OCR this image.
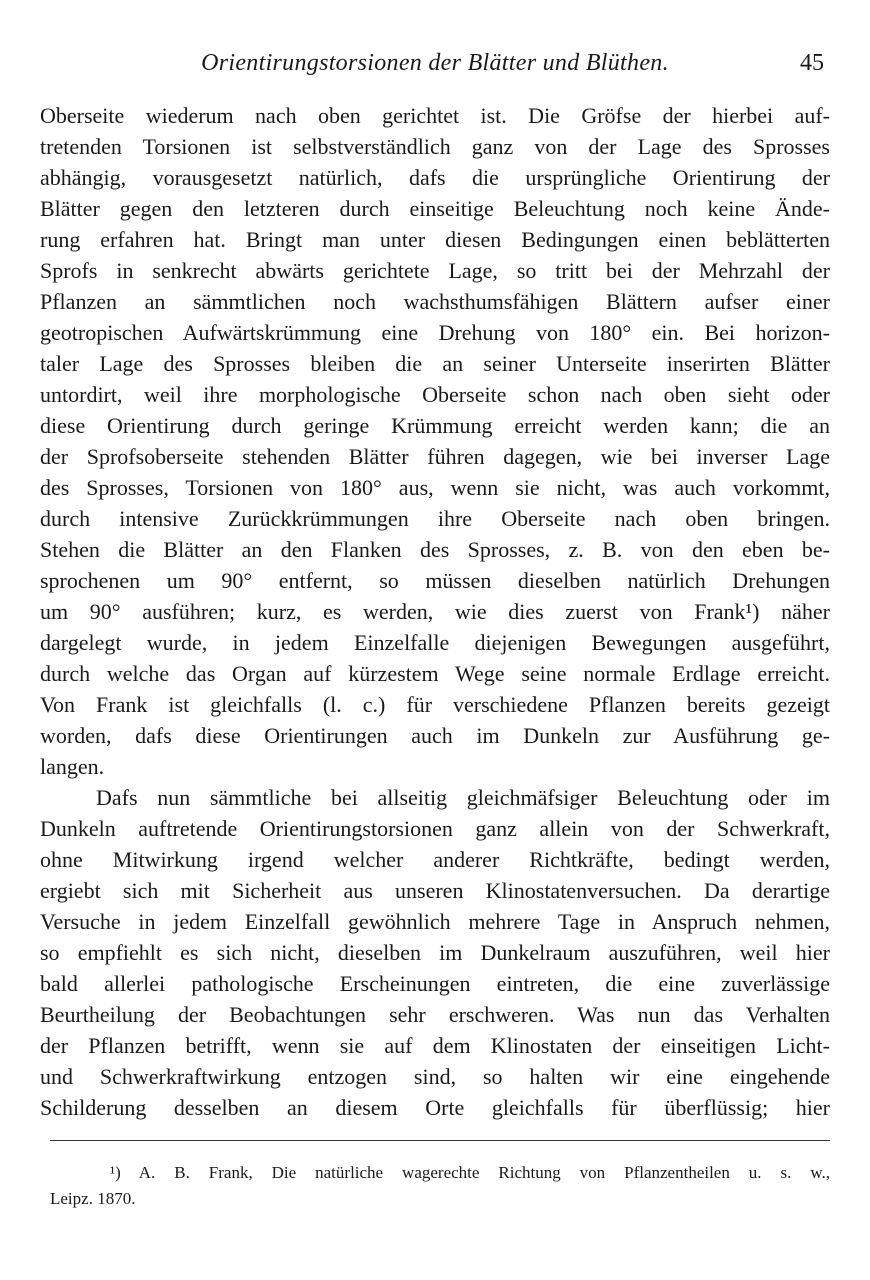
Orientirungstorsionen der Blätter und Blüthen.	45
Oberseite wiederum nach oben gerichtet ist. Die Gröfse der hierbei auf-
tretenden Torsionen ist selbstverständlich ganz von der Lage des Sprosses
abhängig, vorausgesetzt natürlich, dafs die ursprüngliche Orientirung der
Blätter gegen den letzteren durch einseitige Beleuchtung noch keine Ände-
rung erfahren hat. Bringt man unter diesen Bedingungen einen beblätterten
Sprofs in senkrecht abwärts gerichtete Lage, so tritt bei der Mehrzahl der
Pflanzen an sämmtlichen noch wachsthumsfähigen Blättern aufser einer
geotropischen Aufwärtskrümmung eine Drehung von 180° ein. Bei horizon-
taler Lage des Sprosses bleiben die an seiner Unterseite inserirten Blätter
untordirt, weil ihre morphologische Oberseite schon nach oben sieht oder
diese Orientirung durch geringe Krümmung erreicht werden kann; die an
der Sprofsoberseite stehenden Blätter führen dagegen, wie bei inverser Lage
des Sprosses, Torsionen von 180° aus, wenn sie nicht, was auch vorkommt,
durch intensive Zurückkrümmungen ihre Oberseite nach oben bringen.
Stehen die Blätter an den Flanken des Sprosses, z. B. von den eben be-
sprochenen um 90° entfernt, so müssen dieselben natürlich Drehungen
um 90° ausführen; kurz, es werden, wie dies zuerst von Frank¹) näher
dargelegt wurde, in jedem Einzelfalle diejenigen Bewegungen ausgeführt,
durch welche das Organ auf kürzestem Wege seine normale Erdlage erreicht.
Von Frank ist gleichfalls (l. c.) für verschiedene Pflanzen bereits gezeigt
worden, dafs diese Orientirungen auch im Dunkeln zur Ausführung ge-
langen.
Dafs nun sämmtliche bei allseitig gleichmäfsiger Beleuchtung oder im
Dunkeln auftretende Orientirungstorsionen ganz allein von der Schwerkraft,
ohne Mitwirkung irgend welcher anderer Richtkräfte, bedingt werden,
ergiebt sich mit Sicherheit aus unseren Klinostatenversuchen. Da derartige
Versuche in jedem Einzelfall gewöhnlich mehrere Tage in Anspruch nehmen,
so empfiehlt es sich nicht, dieselben im Dunkelraum auszuführen, weil hier
bald allerlei pathologische Erscheinungen eintreten, die eine zuverlässige
Beurtheilung der Beobachtungen sehr erschweren. Was nun das Verhalten
der Pflanzen betrifft, wenn sie auf dem Klinostaten der einseitigen Licht-
und Schwerkraftwirkung entzogen sind, so halten wir eine eingehende
Schilderung desselben an diesem Orte gleichfalls für überflüssig; hier
¹) A. B. Frank, Die natürliche wagerechte Richtung von Pflanzentheilen u. s. w.,
Leipz. 1870.
